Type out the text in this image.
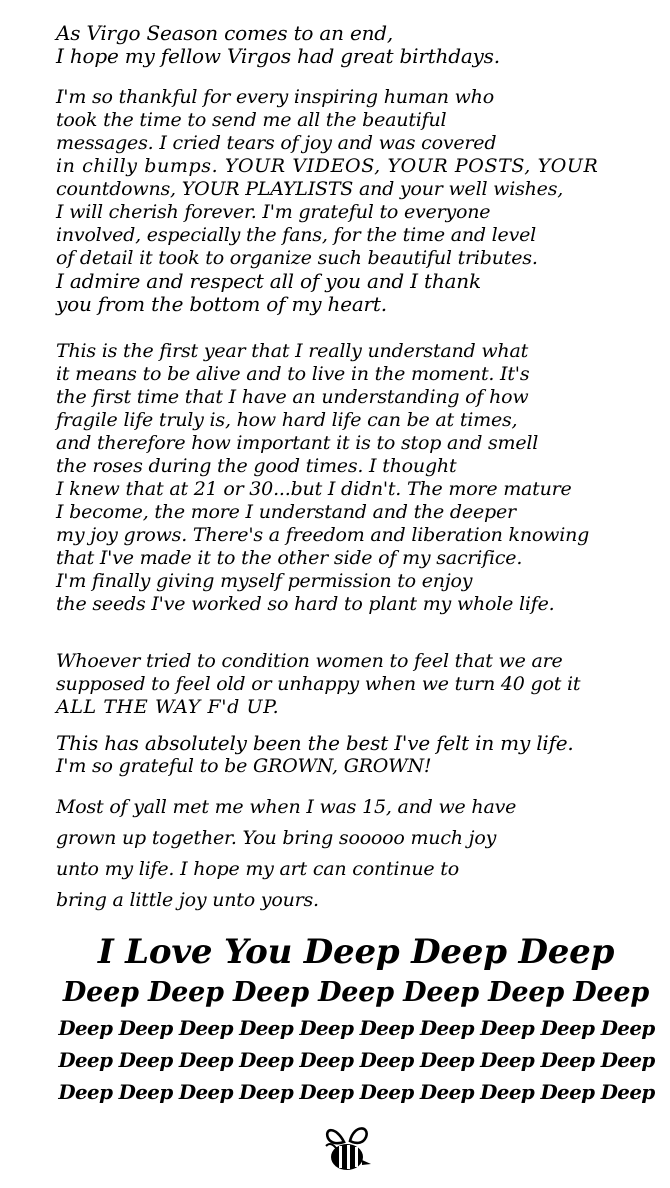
As Virgo Season comes to an end,
I hope my fellow Virgos had great birthdays.
I'm so thankful for every inspiring human who
took the time to send me all the beautiful
messages. I cried tears of joy and was covered
in chilly bumps. YOUR VIDEOS, YOUR POSTS, YOUR
countdowns, YOUR PLAYLISTS and your well wishes,
I will cherish forever. I'm grateful to everyone
involved, especially the fans, for the time and level
of detail it took to organize such beautiful tributes.
I admire and respect all of you and I thank
you from the bottom of my heart.
This is the first year that I really understand what
it means to be alive and to live in the moment. It's
the first time that I have an understanding of how
fragile life truly is, how hard life can be at times,
and therefore how important it is to stop and smell
the roses during the good times. I thought
I knew that at 21 or 30...but I didn't. The more mature
I become, the more I understand and the deeper
my joy grows. There's a freedom and liberation knowing
that I've made it to the other side of my sacrifice.
I'm finally giving myself permission to enjoy
the seeds I've worked so hard to plant my whole life.
Whoever tried to condition women to feel that we are
supposed to feel old or unhappy when we turn 40 got it
ALL THE WAY F'd UP.
This has absolutely been the best I've felt in my life.
I'm so grateful to be GROWN, GROWN!
Most of yall met me when I was 15, and we have
grown up together. You bring sooooo much joy
unto my life. I hope my art can continue to
bring a little joy unto yours.
I Love You Deep Deep Deep
Deep Deep Deep Deep Deep Deep Deep
Deep Deep Deep Deep Deep Deep Deep Deep Deep Deep
Deep Deep Deep Deep Deep Deep Deep Deep Deep Deep
Deep Deep Deep Deep Deep Deep Deep Deep Deep Deep
